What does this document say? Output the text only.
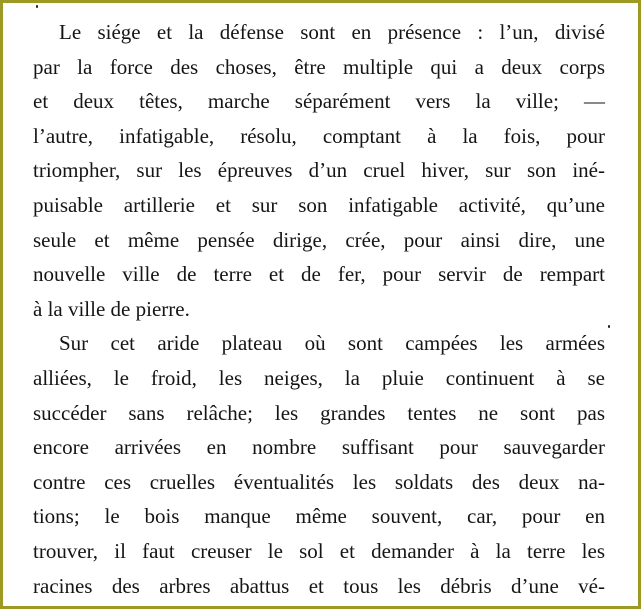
Le siége et la défense sont en présence : l’un, divisé
par la force des choses, être multiple qui a deux corps
et deux têtes, marche séparément vers la ville; —
l’autre, infatigable, résolu, comptant à la fois, pour
triompher, sur les épreuves d’un cruel hiver, sur son iné-
puisable artillerie et sur son infatigable activité, qu’une
seule et même pensée dirige, crée, pour ainsi dire, une
nouvelle ville de terre et de fer, pour servir de rempart
à la ville de pierre.
Sur cet aride plateau où sont campées les armées
alliées, le froid, les neiges, la pluie continuent à se
succéder sans relâche; les grandes tentes ne sont pas
encore arrivées en nombre suffisant pour sauvegarder
contre ces cruelles éventualités les soldats des deux na-
tions; le bois manque même souvent, car, pour en
trouver, il faut creuser le sol et demander à la terre les
racines des arbres abattus et tous les débris d’une vé-
